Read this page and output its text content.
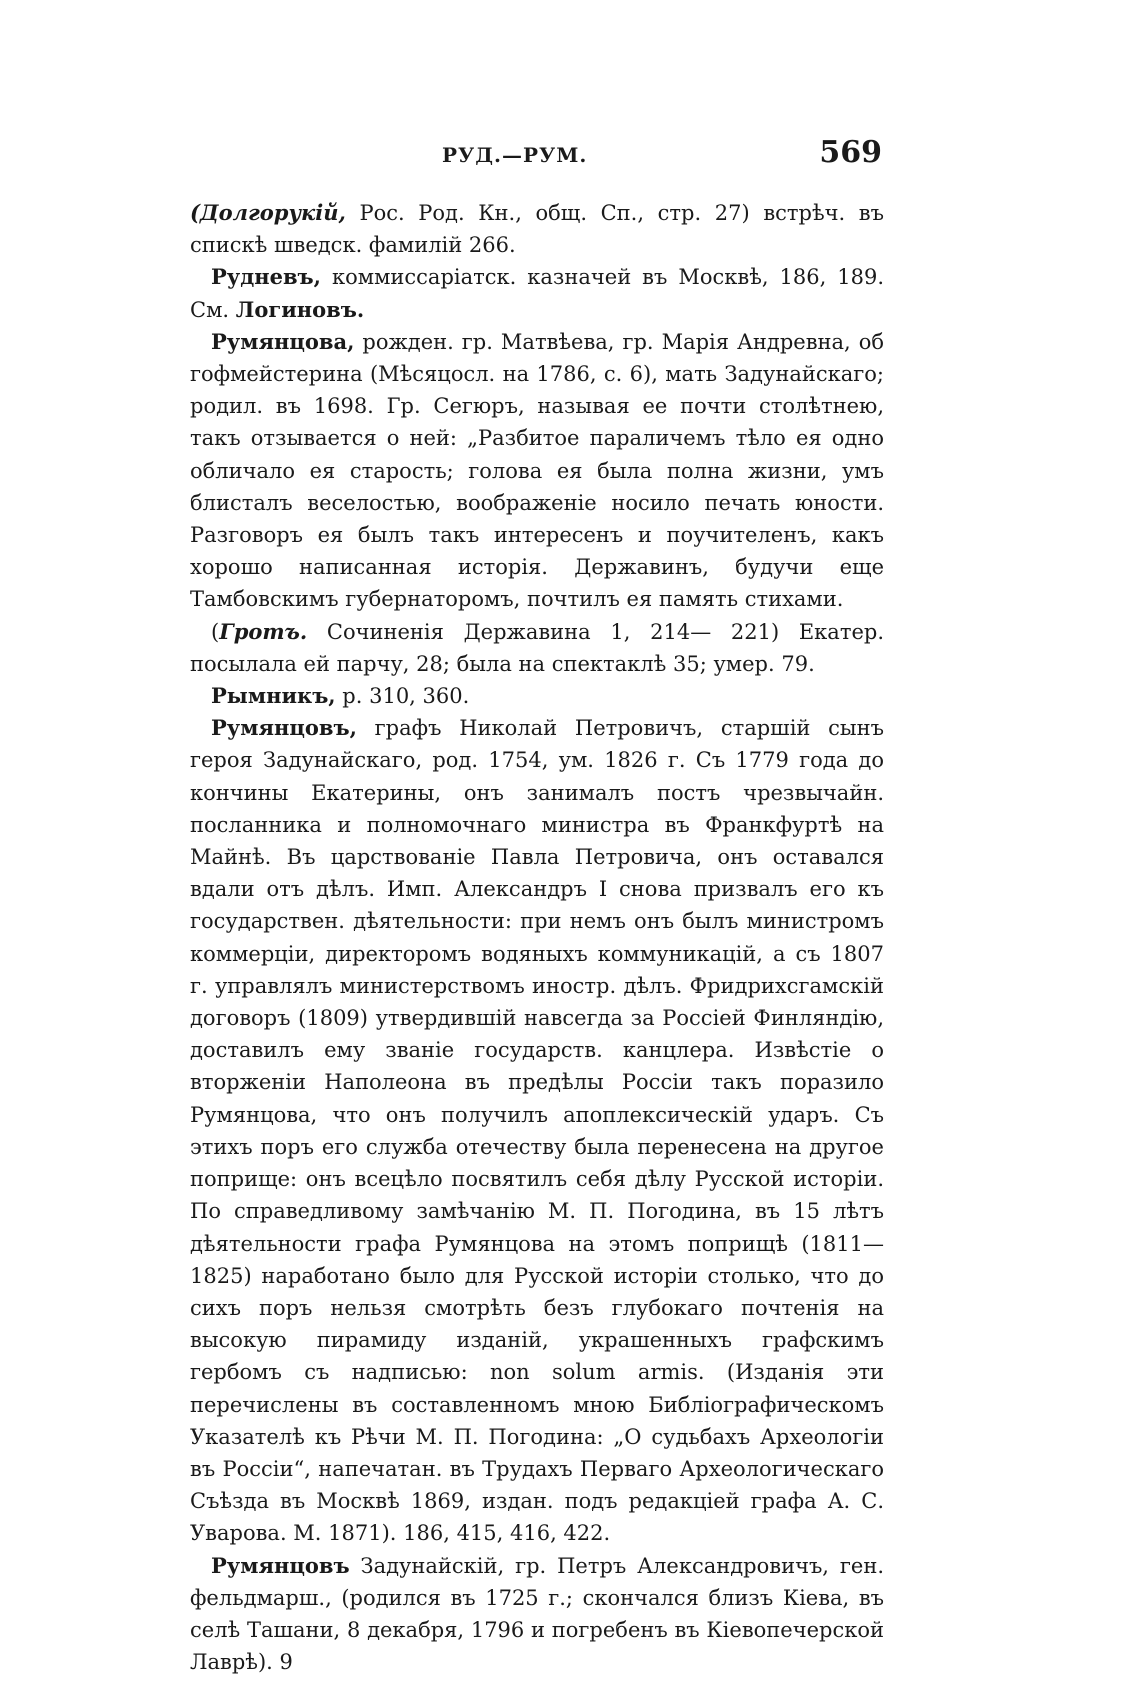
РУД.—РУМ.	569

(Долгорукій, Рос. Род. Кн., общ. Сп., стр. 27) встрѣч. въ спискѣ шведск. фамилій 266.

 Рудневъ, коммиссаріатск. казначей въ Москвѣ, 186, 189. См. Логиновъ.

 Румянцова, рожден. гр. Матвѣева, гр. Марія Андревна, об гофмейстерина (Мѣсяцосл. на 1786, с. 6), мать Задунайскаго; родил. въ 1698. Гр. Сегюръ, называя ее почти столѣтнею, такъ отзывается о ней: „Разбитое параличемъ тѣло ея одно обличало ея старость; голова ея была полна жизни, умъ блисталъ веселостью, воображеніе носило печать юности. Разговоръ ея былъ такъ интересенъ и поучителенъ, какъ хорошо написанная исторія. Державинъ, будучи еще Тамбовскимъ губернаторомъ, почтилъ ея память стихами.

 (Гротъ. Сочиненія Державина 1, 214— 221) Екатер. посылала ей парчу, 28; была на спектаклѣ 35; умер. 79.

 Рымникъ, р. 310, 360.

 Румянцовъ, графъ Николай Петровичъ, старшій сынъ героя Задунайскаго, род. 1754, ум. 1826 г. Съ 1779 года до кончины Екатерины, онъ занималъ постъ чрезвычайн. посланника и полномочнаго министра въ Франкфуртѣ на Майнѣ. Въ царствованіе Павла Петровича, онъ оставался вдали отъ дѣлъ. Имп. Александръ I снова призвалъ его къ государствен. дѣятельности: при немъ онъ былъ министромъ коммерціи, директоромъ водяныхъ коммуникацій, а съ 1807 г. управлялъ министерствомъ иностр. дѣлъ. Фридрихсгамскій договоръ (1809) утвердившій навсегда за Россіей Финляндію, доставилъ ему званіе государств. канцлера. Извѣстіе о вторженіи Наполеона въ предѣлы Россіи такъ поразило Румянцова, что онъ получилъ апоплексическій ударъ. Съ этихъ поръ его служба отечеству была перенесена на другое поприще: онъ всецѣло посвятилъ себя дѣлу Русской исторіи. По справедливому замѣчанію М. П. Погодина, въ 15 лѣтъ дѣятельности графа Румянцова на этомъ поприщѣ (1811—1825) наработано было для Русской исторіи столько, что до сихъ поръ нельзя смотрѣть безъ глубокаго почтенія на высокую пирамиду изданій, украшенныхъ графскимъ гербомъ съ надписью: non solum armis. (Изданія эти перечислены въ составленномъ мною Библіографическомъ Указателѣ къ Рѣчи М. П. Погодина: „О судьбахъ Археологіи въ Россіи“, напечатан. въ Трудахъ Перваго Археологическаго Съѣзда въ Москвѣ 1869, издан. подъ редакціей графа А. С. Уварова. М. 1871). 186, 415, 416, 422.

 Румянцовъ Задунайскій, гр. Петръ Александровичъ, ген. фельдмарш., (родился въ 1725 г.; скончался близъ Кіева, въ селѣ Ташани, 8 декабря, 1796 и погребенъ въ Кіевопечерской Лаврѣ). 9
